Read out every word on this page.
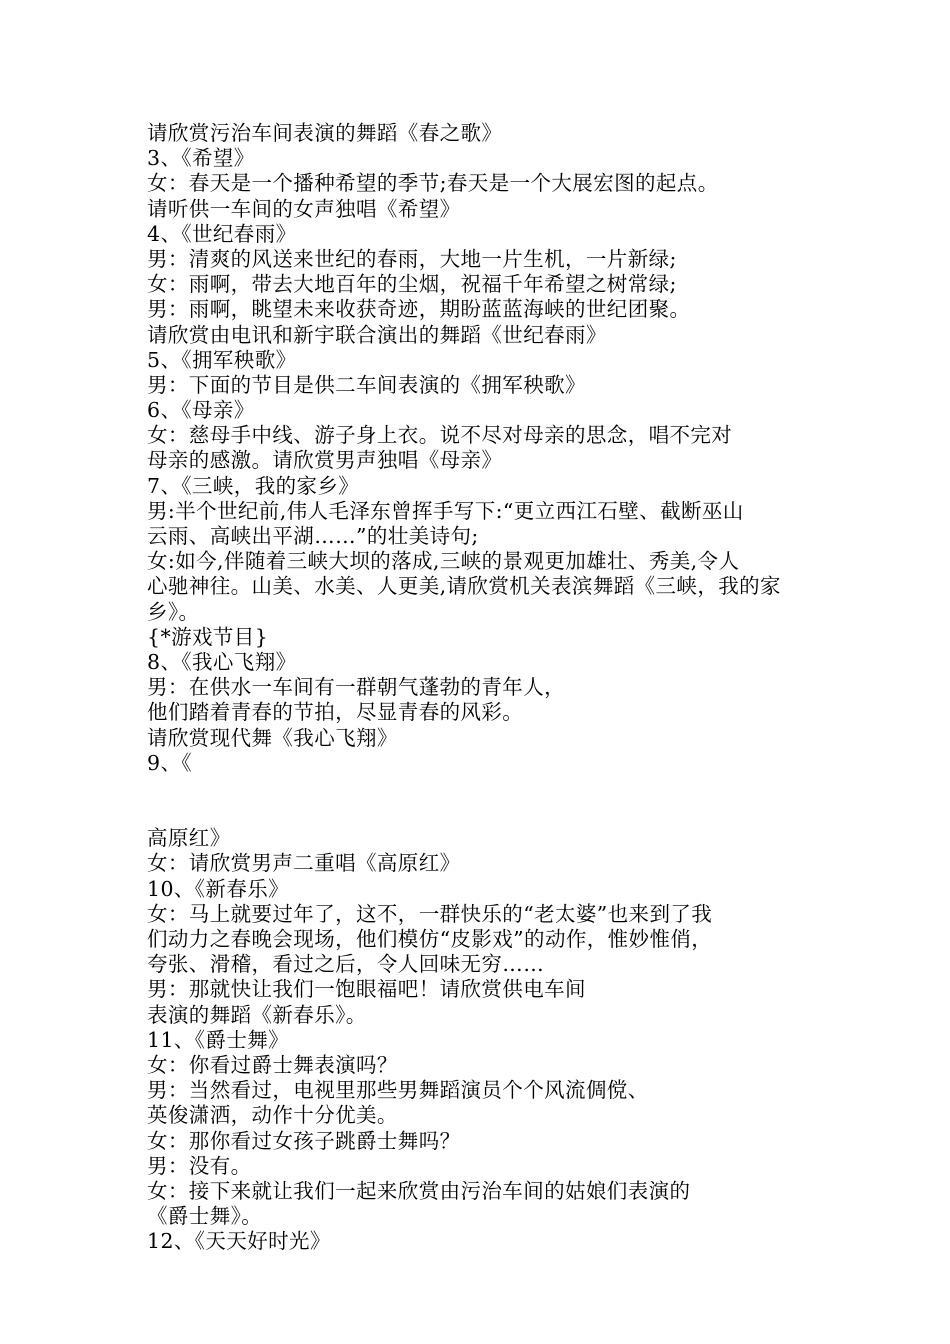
请欣赏污治车间表演的舞蹈《春之歌》
3、《希望》
女：春天是一个播种希望的季节;春天是一个大展宏图的起点。
请听供一车间的女声独唱《希望》
4、《世纪春雨》
男：清爽的风送来世纪的春雨，大地一片生机，一片新绿;
女：雨啊，带去大地百年的尘烟，祝福千年希望之树常绿;
男：雨啊，眺望未来收获奇迹，期盼蓝蓝海峡的世纪团聚。
请欣赏由电讯和新宇联合演出的舞蹈《世纪春雨》
5、《拥军秧歌》
男：下面的节目是供二车间表演的《拥军秧歌》
6、《母亲》
女：慈母手中线、游子身上衣。说不尽对母亲的思念，唱不完对
母亲的感激。请欣赏男声独唱《母亲》
7、《三峡，我的家乡》
男:半个世纪前,伟人毛泽东曾挥手写下:“更立西江石壁、截断巫山
云雨、高峡出平湖……”的壮美诗句;
女:如今,伴随着三峡大坝的落成,三峡的景观更加雄壮、秀美,令人
心驰神往。山美、水美、人更美,请欣赏机关表滨舞蹈《三峡，我的家
乡》。
{*游戏节目}
8、《我心飞翔》
男：在供水一车间有一群朝气蓬勃的青年人，
他们踏着青春的节拍，尽显青春的风彩。
请欣赏现代舞《我心飞翔》
9、《
高原红》
女：请欣赏男声二重唱《高原红》
10、《新春乐》
女：马上就要过年了，这不，一群快乐的“老太婆”也来到了我
们动力之春晚会现场，他们模仿“皮影戏”的动作，惟妙惟俏，
夸张、滑稽，看过之后，令人回味无穷……
男：那就快让我们一饱眼福吧！请欣赏供电车间
表演的舞蹈《新春乐》。
11、《爵士舞》
女：你看过爵士舞表演吗？
男：当然看过，电视里那些男舞蹈演员个个风流倜傥、
英俊潇洒，动作十分优美。
女：那你看过女孩子跳爵士舞吗？
男：没有。
女：接下来就让我们一起来欣赏由污治车间的姑娘们表演的
《爵士舞》。
12、《天天好时光》
